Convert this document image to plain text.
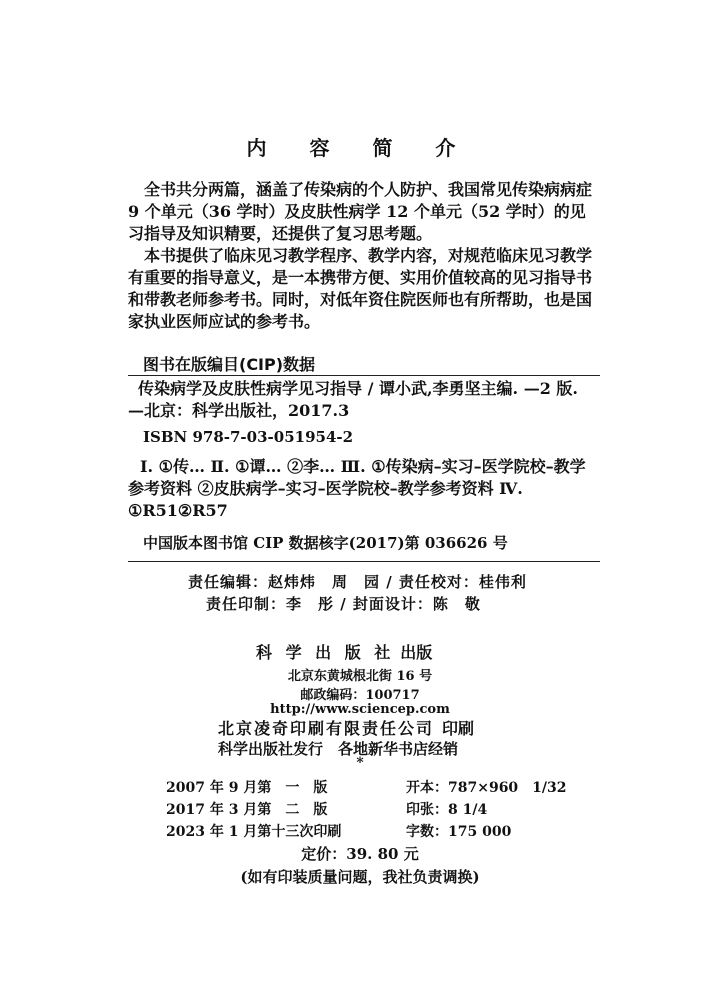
内 容 简 介
全书共分两篇，涵盖了传染病的个人防护、我国常见传染病病症 9 个单元（36 学时）及皮肤性病学 12 个单元（52 学时）的见习指导及知识精要，还提供了复习思考题。
本书提供了临床见习教学程序、教学内容，对规范临床见习教学有重要的指导意义，是一本携带方便、实用价值较高的见习指导书和带教老师参考书。同时，对低年资住院医师也有所帮助，也是国家执业医师应试的参考书。
图书在版编目(CIP)数据
传染病学及皮肤性病学见习指导 / 谭小武,李勇坚主编. —2 版. —北京：科学出版社，2017.3
ISBN 978-7-03-051954-2
Ⅰ. ①传… Ⅱ. ①谭… ②李… Ⅲ. ①传染病–实习–医学院校–教学参考资料 ②皮肤病学–实习–医学院校–教学参考资料 Ⅳ. ①R51②R57
中国版本图书馆 CIP 数据核字(2017)第 036626 号
责任编辑：赵炜炜　周　园 / 责任校对：桂伟利
责任印制：李　彤 / 封面设计：陈　敬
科 学 出 版 社 出版
北京东黄城根北街 16 号
邮政编码：100717
http://www.sciencep.com
北京凌奇印刷有限责任公司 印刷
科学出版社发行　各地新华书店经销
*
2007 年 9 月第　一　版	开本：787×960　1/32
2017 年 3 月第　二　版	印张：8 1/4
2023 年 1 月第十三次印刷	字数：175 000
定价：39. 80 元
(如有印装质量问题，我社负责调换)
